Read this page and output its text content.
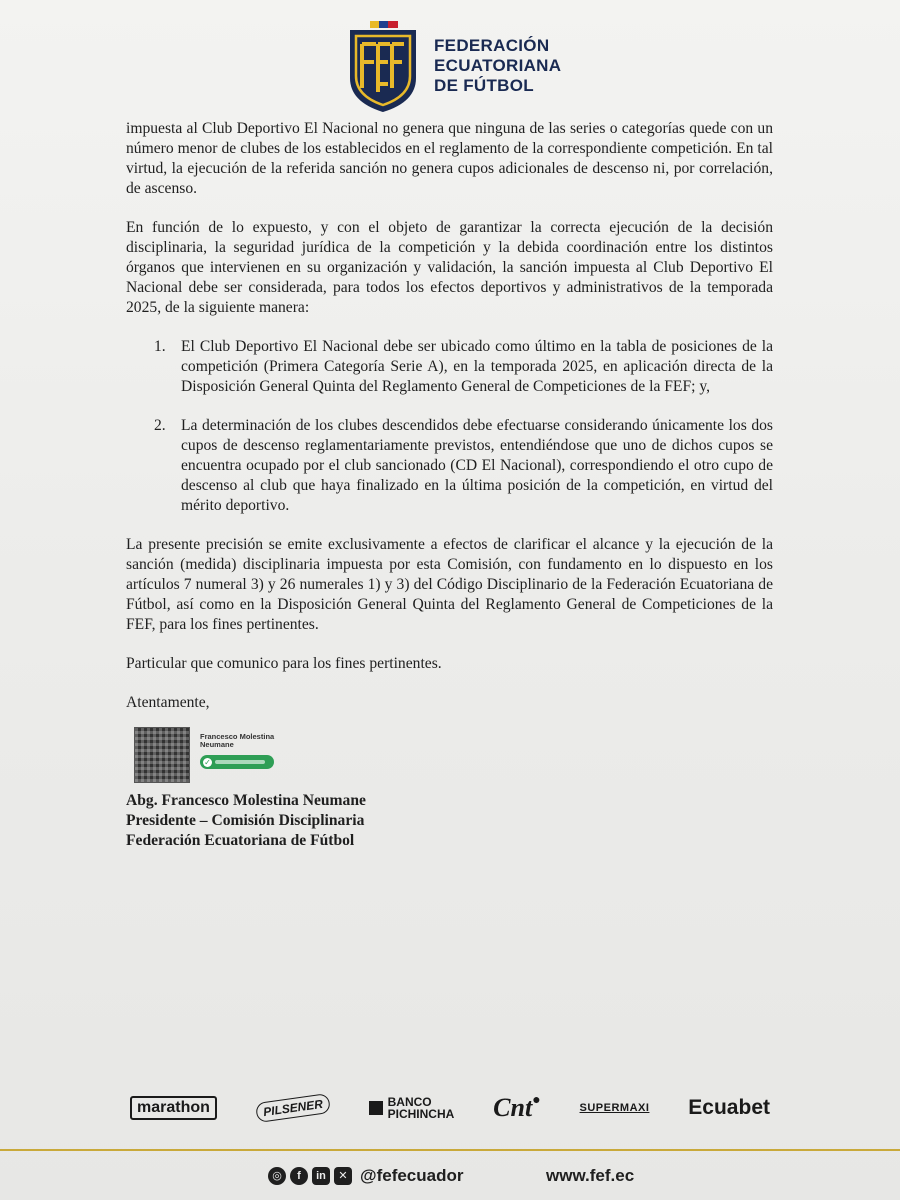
FEDERACIÓN
ECUATORIANA
DE FÚTBOL

impuesta al Club Deportivo El Nacional no genera que ninguna de las series o categorías quede con un número menor de clubes de los establecidos en el reglamento de la correspondiente competición. En tal virtud, la ejecución de la referida sanción no genera cupos adicionales de descenso ni, por correlación, de ascenso.

En función de lo expuesto, y con el objeto de garantizar la correcta ejecución de la decisión disciplinaria, la seguridad jurídica de la competición y la debida coordinación entre los distintos órganos que intervienen en su organización y validación, la sanción impuesta al Club Deportivo El Nacional debe ser considerada, para todos los efectos deportivos y administrativos de la temporada 2025, de la siguiente manera:

1. El Club Deportivo El Nacional debe ser ubicado como último en la tabla de posiciones de la competición (Primera Categoría Serie A), en la temporada 2025, en aplicación directa de la Disposición General Quinta del Reglamento General de Competiciones de la FEF; y,
2. La determinación de los clubes descendidos debe efectuarse considerando únicamente los dos cupos de descenso reglamentariamente previstos, entendiéndose que uno de dichos cupos se encuentra ocupado por el club sancionado (CD El Nacional), correspondiendo el otro cupo de descenso al club que haya finalizado en la última posición de la competición, en virtud del mérito deportivo.

La presente precisión se emite exclusivamente a efectos de clarificar el alcance y la ejecución de la sanción (medida) disciplinaria impuesta por esta Comisión, con fundamento en lo dispuesto en los artículos 7 numeral 3) y 26 numerales 1) y 3) del Código Disciplinario de la Federación Ecuatoriana de Fútbol, así como en la Disposición General Quinta del Reglamento General de Competiciones de la FEF, para los fines pertinentes.

Particular que comunico para los fines pertinentes.

Atentamente,

Francesco Molestina Neumane
✓

Abg. Francesco Molestina Neumane

Presidente – Comisión Disciplinaria

Federación Ecuatoriana de Fútbol

marathon	PILSENER	BANCO
PICHINCHA Cnt●	SUPERMAXI Ecuabet
◎	f	in	✕ @fefecuador	www.fef.ec
